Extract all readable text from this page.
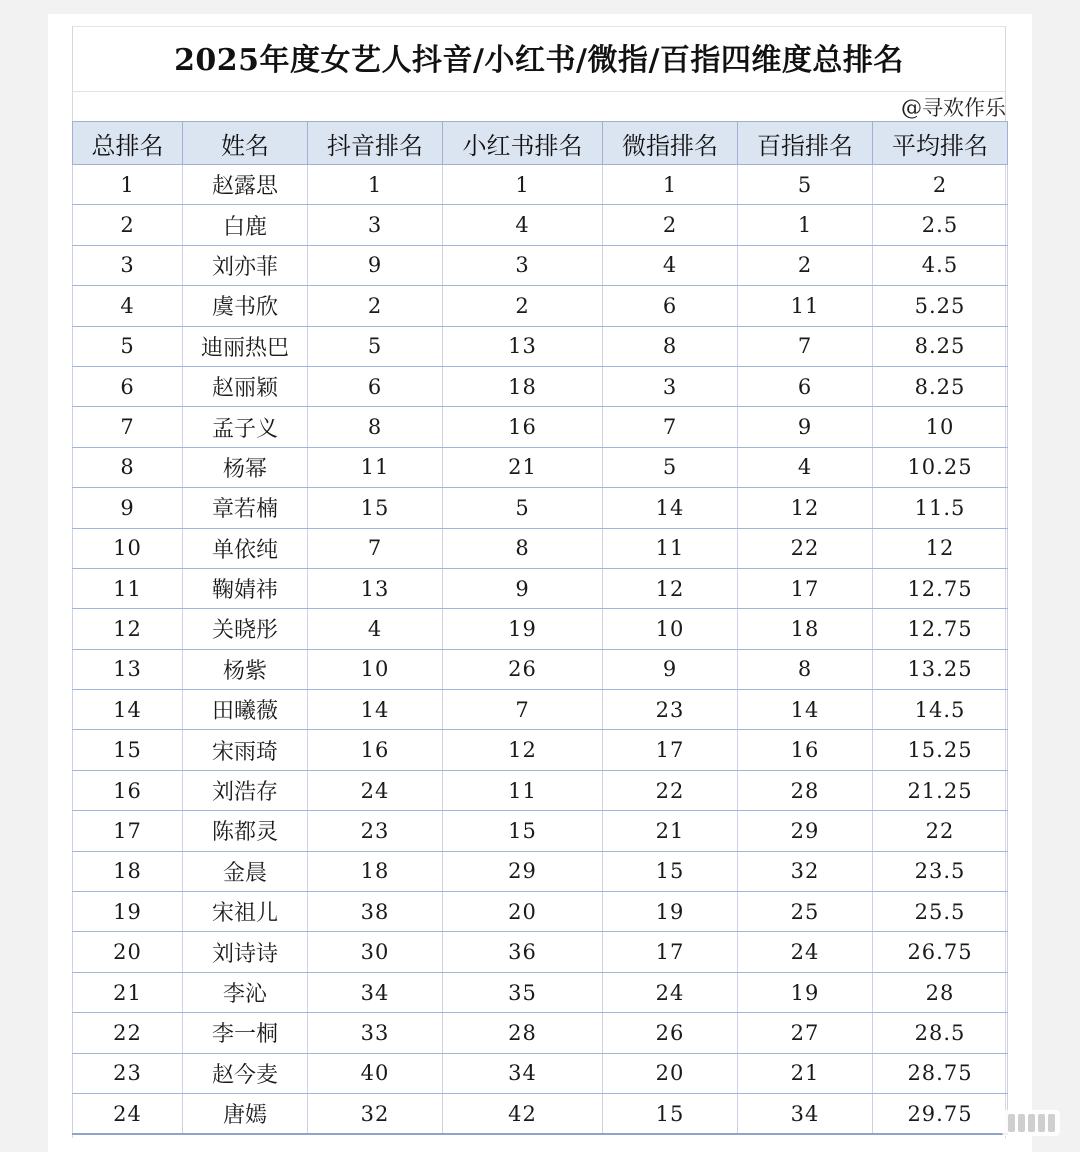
2025年度女艺人抖音/小红书/微指/百指四维度总排名
@寻欢作乐
总排名	姓名	抖音排名	小红书排名	微指排名	百指排名	平均排名
1	赵露思	1	1	1	5	2
2	白鹿	3	4	2	1	2.5
3	刘亦菲	9	3	4	2	4.5
4	虞书欣	2	2	6	11	5.25
5	迪丽热巴	5	13	8	7	8.25
6	赵丽颖	6	18	3	6	8.25
7	孟子义	8	16	7	9	10
8	杨幂	11	21	5	4	10.25
9	章若楠	15	5	14	12	11.5
10	单依纯	7	8	11	22	12
11	鞠婧祎	13	9	12	17	12.75
12	关晓彤	4	19	10	18	12.75
13	杨紫	10	26	9	8	13.25
14	田曦薇	14	7	23	14	14.5
15	宋雨琦	16	12	17	16	15.25
16	刘浩存	24	11	22	28	21.25
17	陈都灵	23	15	21	29	22
18	金晨	18	29	15	32	23.5
19	宋祖儿	38	20	19	25	25.5
20	刘诗诗	30	36	17	24	26.75
21	李沁	34	35	24	19	28
22	李一桐	33	28	26	27	28.5
23	赵今麦	40	34	20	21	28.75
24	唐嫣	32	42	15	34	29.75
